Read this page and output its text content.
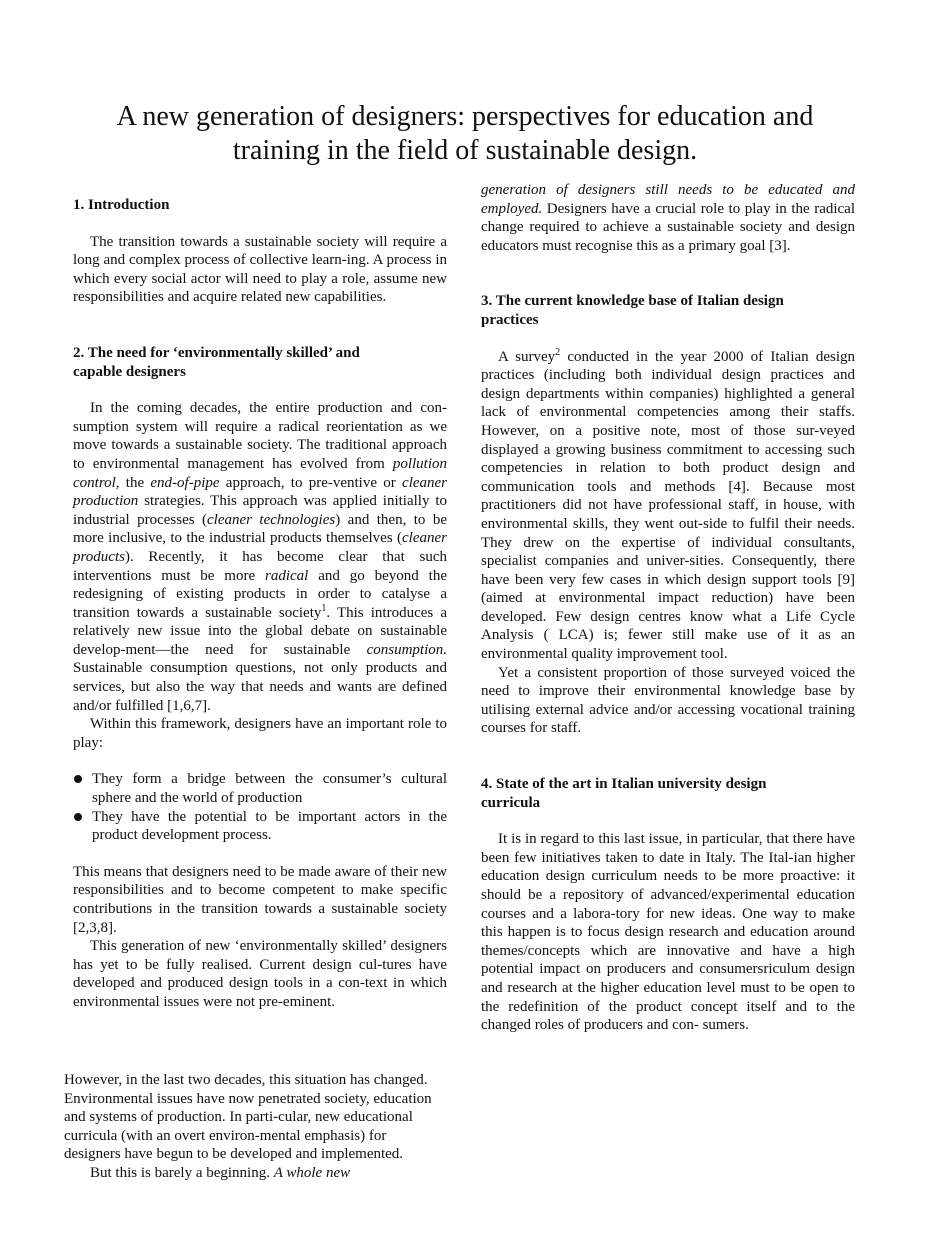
A new generation of designers: perspectives for education and
training in the field of sustainable design.
1. Introduction

The transition towards a sustainable society will require a long and complex process of collective learn-ing. A process in which every social actor will need to play a role, assume new responsibilities and acquire related new capabilities.

2. The need for ‘environmentally skilled’ and
capable designers

In the coming decades, the entire production and con-sumption system will require a radical reorientation as we move towards a sustainable society. The traditional approach to environmental management has evolved from pollution control, the end-of-pipe approach, to pre-ventive or cleaner production strategies. This approach was applied initially to industrial processes (cleaner technologies) and then, to be more inclusive, to the industrial products themselves (cleaner products). Recently, it has become clear that such interventions must be more radical and go beyond the redesigning of existing products in order to catalyse a transition towards a sustainable society$^1$. This introduces a relatively new issue into the global debate on sustainable develop-ment—the need for sustainable consumption. Sustainable consumption questions, not only products and services, but also the way that needs and wants are defined and/or fulfilled [1,6,7].

Within this framework, designers have an important role to play:

They form a bridge between the consumer’s cultural sphere and the world of production
They have the potential to be important actors in the product development process.

This means that designers need to be made aware of their new responsibilities and to become competent to make specific contributions in the transition towards a sustainable society [2,3,8].

This generation of new ‘environmentally skilled’ designers has yet to be fully realised. Current design cul-tures have developed and produced design tools in a con-text in which environmental issues were not pre-eminent.

However, in the last two decades, this situation has changed. Environmental issues have now penetrated society, education and systems of production. In parti-cular, new educational curricula (with an overt environ-mental emphasis) for designers have begun to be developed and implemented.

But this is barely a beginning. A whole new

generation of designers still needs to be educated and employed. Designers have a crucial role to play in the radical change required to achieve a sustainable society and design educators must recognise this as a primary goal [3].

3. The current knowledge base of Italian design
practices

A survey$^2$ conducted in the year 2000 of Italian design practices (including both individual design practices and design departments within companies) highlighted a general lack of environmental competencies among their staffs. However, on a positive note, most of those sur-veyed displayed a growing business commitment to accessing such competencies in relation to both product design and communication tools and methods [4]. Because most practitioners did not have professional staff, in house, with environmental skills, they went out-side to fulfil their needs. They drew on the expertise of individual consultants, specialist companies and univer-sities. Consequently, there have been very few cases in which design support tools [9] (aimed at environmental impact reduction) have been developed. Few design centres know what a Life Cycle Analysis ( LCA) is; fewer still make use of it as an environmental quality improvement tool.

Yet a consistent proportion of those surveyed voiced the need to improve their environmental knowledge base by utilising external advice and/or accessing vocational training courses for staff.

4. State of the art in Italian university design
curricula

It is in regard to this last issue, in particular, that there have been few initiatives taken to date in Italy. The Ital-ian higher education design curriculum needs to be more proactive: it should be a repository of advanced/experimental education courses and a labora-tory for new ideas. One way to make this happen is to focus design research and education around themes/concepts which are innovative and have a high potential impact on producers and consumersriculum design and research at the higher education level must to be open to the redefinition of the product concept itself and to the changed roles of producers and con- sumers.
